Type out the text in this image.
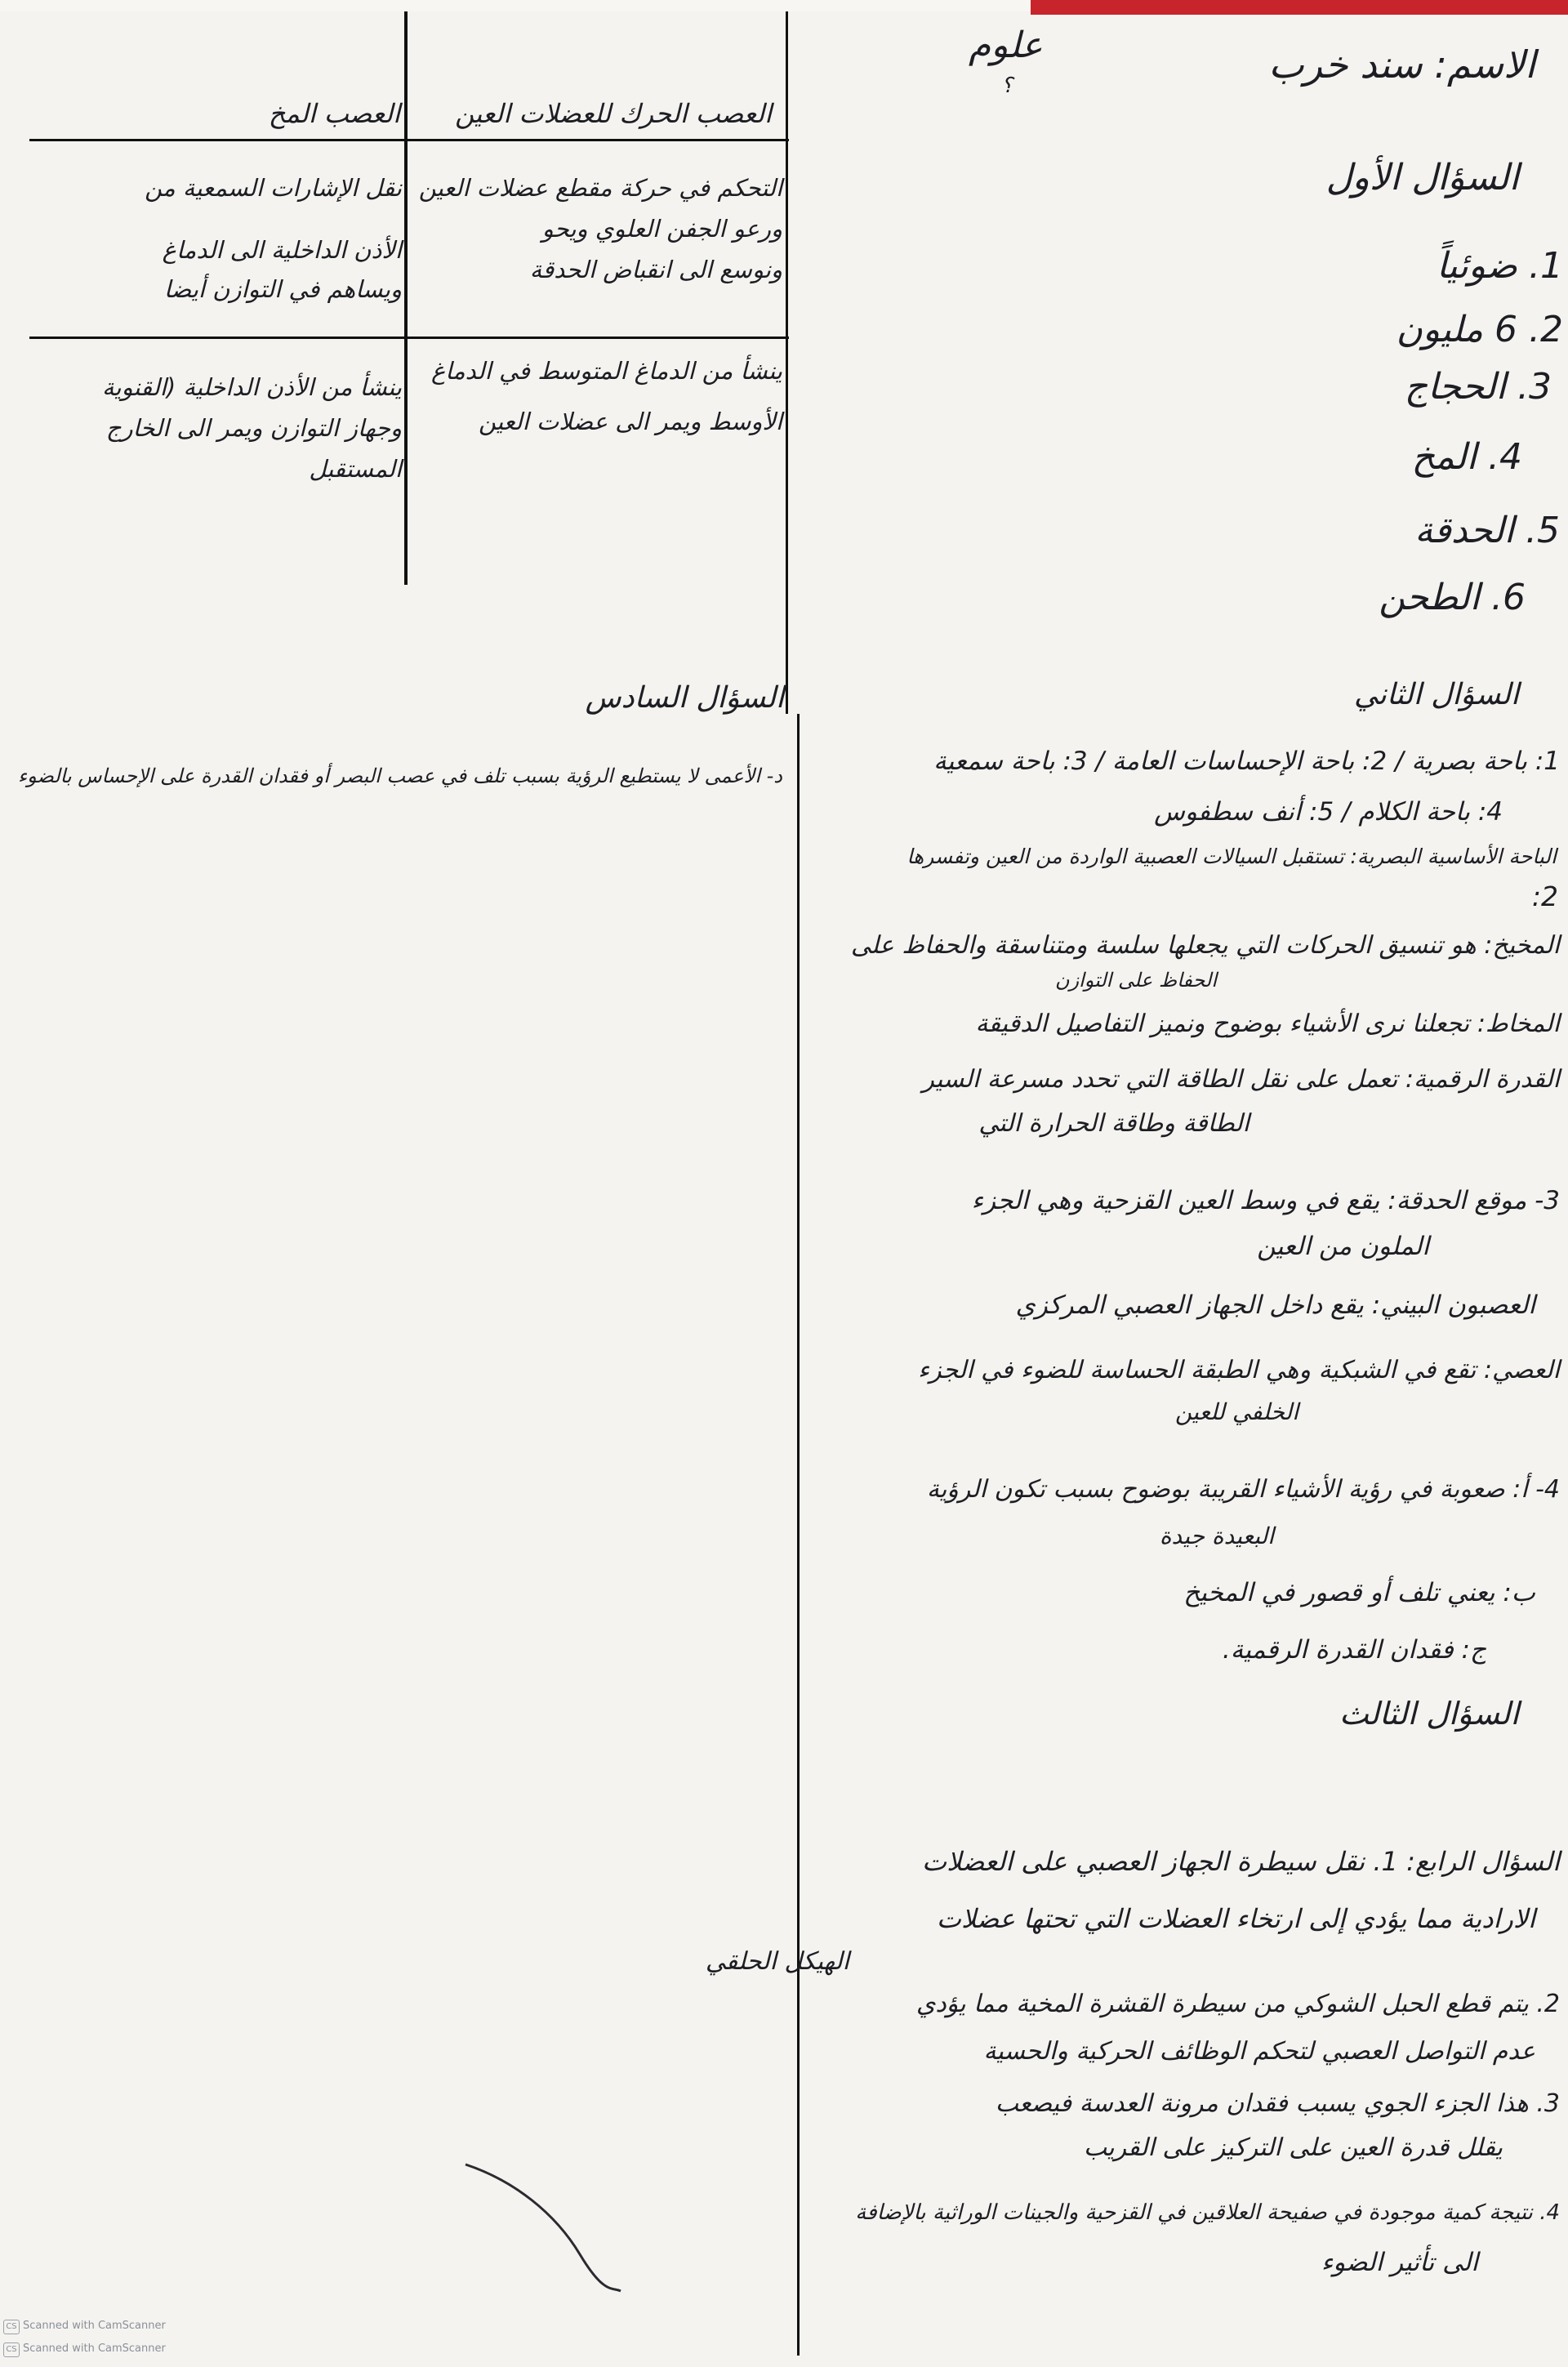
الاسم: سند خرب
علوم
؟
العصب الحرك للعضلات العين
العصب المخ
التحكم في حركة مقطع عضلات العين
ورعو الجفن العلوي ويحو
ونوسع الى انقباض الحدقة
نقل الإشارات السمعية من
الأذن الداخلية الى الدماغ
ويساهم في التوازن أيضا
ينشأ من الدماغ المتوسط في الدماغ
الأوسط ويمر الى عضلات العين
ينشأ من الأذن الداخلية (القنوية
وجهاز التوازن ويمر الى الخارج
المستقبل
السؤال الأول
1. ضوئياً
2. 6 مليون
3. الحجاج
4. المخ
5. الحدقة
6. الطحن
السؤال السادس
د- الأعمى لا يستطيع الرؤية بسبب تلف في عصب البصر أو فقدان القدرة على الإحساس بالضوء
السؤال الثاني
1: باحة بصرية / 2: باحة الإحساسات العامة / 3: باحة سمعية
4: باحة الكلام / 5: أنف سطفوس
الباحة الأساسية البصرية: تستقبل السيالات العصبية الواردة من العين وتفسرها
2:
المخيخ: هو تنسيق الحركات التي يجعلها سلسة ومتناسقة والحفاظ على
الحفاظ على التوازن
المخاط: تجعلنا نرى الأشياء بوضوح ونميز التفاصيل الدقيقة
القدرة الرقمية: تعمل على نقل الطاقة التي تحدد مسرعة السير
الطاقة وطاقة الحرارة التي
3- موقع الحدقة: يقع في وسط العين القزحية وهي الجزء
الملون من العين
العصبون البيني: يقع داخل الجهاز العصبي المركزي
العصي: تقع في الشبكية وهي الطبقة الحساسة للضوء في الجزء
الخلفي للعين
4- أ: صعوبة في رؤية الأشياء القريبة بوضوح بسبب تكون الرؤية
البعيدة جيدة
ب: يعني تلف أو قصور في المخيخ
ج: فقدان القدرة الرقمية.
السؤال الثالث
السؤال الرابع: 1. نقل سيطرة الجهاز العصبي على العضلات
الارادية مما يؤدي إلى ارتخاء العضلات التي تحتها عضلات
الهيكل الحلقي
2. يتم قطع الحبل الشوكي من سيطرة القشرة المخية مما يؤدي
عدم التواصل العصبي لتحكم الوظائف الحركية والحسية
3. هذا الجزء الجوي يسبب فقدان مرونة العدسة فيصعب
يقلل قدرة العين على التركيز على القريب
4. نتيجة كمية موجودة في صفيحة العلاقين في القزحية والجينات الوراثية بالإضافة
الى تأثير الضوء
CS Scanned with CamScanner
CS Scanned with CamScanner
